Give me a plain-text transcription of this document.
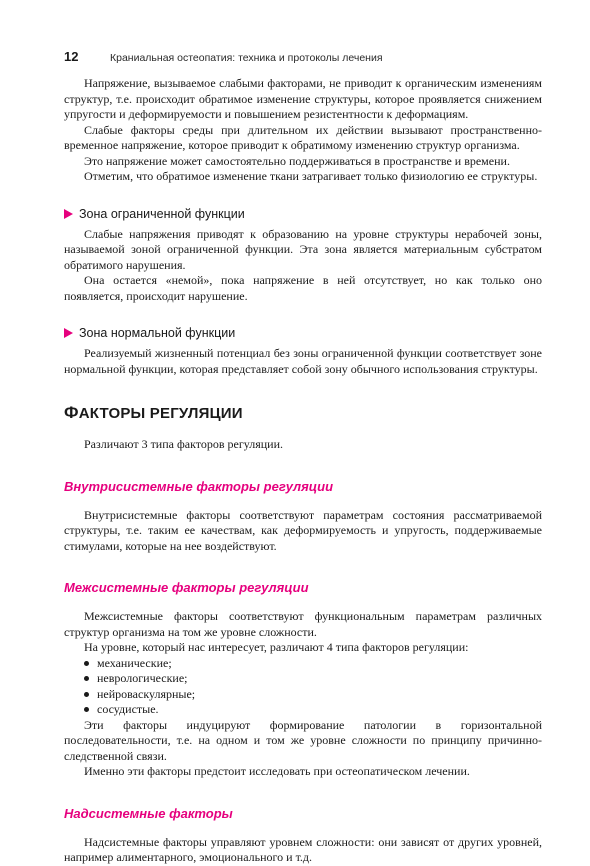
12	Краниальная остеопатия: техника и протоколы лечения

Напряжение, вызываемое слабыми факторами, не приводит к органическим изменениям структур, т.е. происходит обратимое изменение структуры, которое проявляется снижением упругости и деформируемости и повышением резистентности к деформациям.

Слабые факторы среды при длительном их действии вызывают пространственно-временное напряжение, которое приводит к обратимому изменению структур организма.

Это напряжение может самостоятельно поддерживаться в пространстве и времени.

Отметим, что обратимое изменение ткани затрагивает только физиологию ее структуры.

Зона ограниченной функции

Слабые напряжения приводят к образованию на уровне структуры нерабочей зоны, называемой зоной ограниченной функции. Эта зона является материальным субстратом обратимого нарушения.

Она остается «немой», пока напряжение в ней отсутствует, но как только оно появляется, происходит нарушение.

Зона нормальной функции

Реализуемый жизненный потенциал без зоны ограниченной функции соответствует зоне нормальной функции, которая представляет собой зону обычного использования структуры.

ФАКТОРЫ РЕГУЛЯЦИИ

Различают 3 типа факторов регуляции.

Внутрисистемные факторы регуляции

Внутрисистемные факторы соответствуют параметрам состояния рассматриваемой структуры, т.е. таким ее качествам, как деформируемость и упругость, поддерживаемые стимулами, которые на нее воздействуют.

Межсистемные факторы регуляции

Межсистемные факторы соответствуют функциональным параметрам различных структур организма на том же уровне сложности.

На уровне, который нас интересует, различают 4 типа факторов регуляции:

механические;
неврологические;
нейроваскулярные;
сосудистые.

Эти факторы индуцируют формирование патологии в горизонтальной последовательности, т.е. на одном и том же уровне сложности по принципу причинно-следственной связи.

Именно эти факторы предстоит исследовать при остеопатическом лечении.

Надсистемные факторы

Надсистемные факторы управляют уровнем сложности: они зависят от других уровней, например алиментарного, эмоционального и т.д.
